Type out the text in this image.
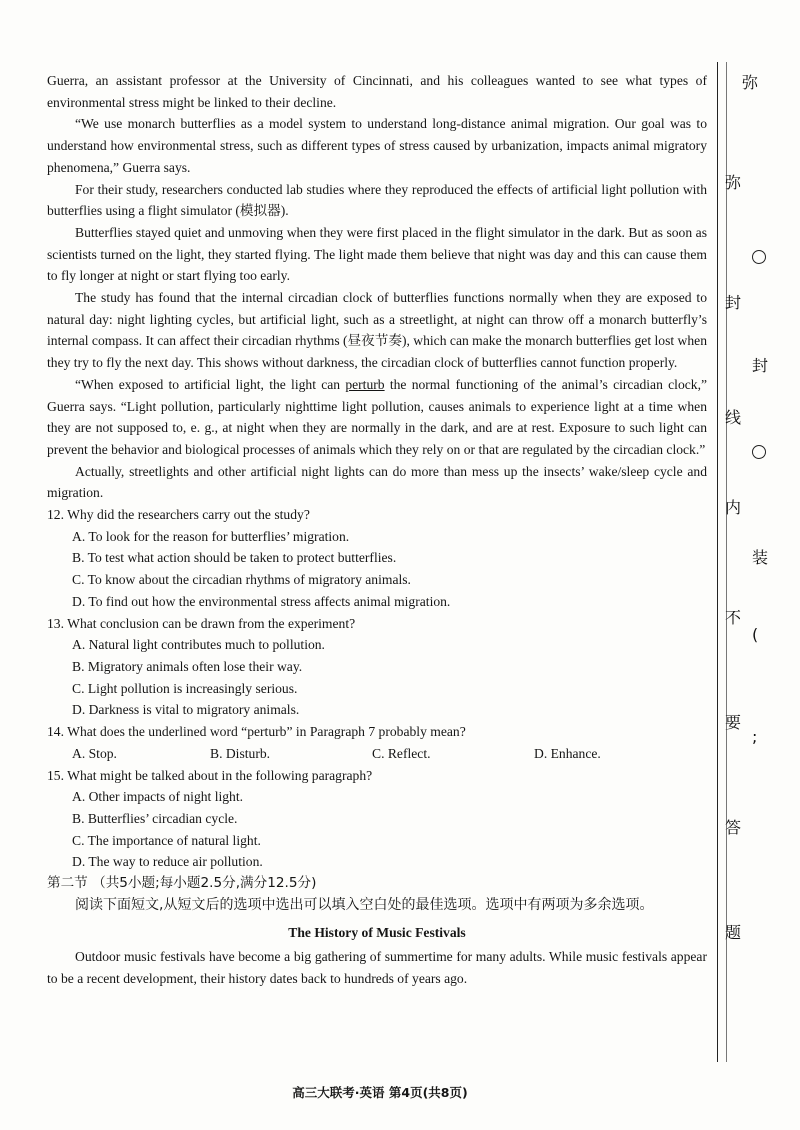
Guerra, an assistant professor at the University of Cincinnati, and his colleagues wanted to see what types of environmental stress might be linked to their decline.

“We use monarch butterflies as a model system to understand long-distance animal migration. Our goal was to understand how environmental stress, such as different types of stress caused by urbanization, impacts animal migratory phenomena,” Guerra says.

For their study, researchers conducted lab studies where they reproduced the effects of artificial light pollution with butterflies using a flight simulator (模拟器).

Butterflies stayed quiet and unmoving when they were first placed in the flight simulator in the dark. But as soon as scientists turned on the light, they started flying. The light made them believe that night was day and this can cause them to fly longer at night or start flying too early.

The study has found that the internal circadian clock of butterflies functions normally when they are exposed to natural day: night lighting cycles, but artificial light, such as a streetlight, at night can throw off a monarch butterfly’s internal compass. It can affect their circadian rhythms (昼夜节奏), which can make the monarch butterflies get lost when they try to fly the next day. This shows without darkness, the circadian clock of butterflies cannot function properly.

“When exposed to artificial light, the light can perturb the normal functioning of the animal’s circadian clock,” Guerra says. “Light pollution, particularly nighttime light pollution, causes animals to experience light at a time when they are not supposed to, e. g., at night when they are normally in the dark, and are at rest. Exposure to such light can prevent the behavior and biological processes of animals which they rely on or that are regulated by the circadian clock.”

Actually, streetlights and other artificial night lights can do more than mess up the insects’ wake/sleep cycle and migration.

12. Why did the researchers carry out the study?

A. To look for the reason for butterflies’ migration.

B. To test what action should be taken to protect butterflies.

C. To know about the circadian rhythms of migratory animals.

D. To find out how the environmental stress affects animal migration.

13. What conclusion can be drawn from the experiment?

A. Natural light contributes much to pollution.

B. Migratory animals often lose their way.

C. Light pollution is increasingly serious.

D. Darkness is vital to migratory animals.

14. What does the underlined word “perturb” in Paragraph 7 probably mean?

A. Stop.	B. Disturb.	C. Reflect.	D. Enhance.

15. What might be talked about in the following paragraph?

A. Other impacts of night light.

B. Butterflies’ circadian cycle.

C. The importance of natural light.

D. The way to reduce air pollution.

第二节 （共5小题;每小题2.5分,满分12.5分)

阅读下面短文,从短文后的选项中选出可以填入空白处的最佳选项。选项中有两项为多余选项。

The History of Music Festivals

Outdoor music festivals have become a big gathering of summertime for many adults. While music festivals appear to be a recent development, their history dates back to hundreds of years ago.

高三大联考·英语 第4页(共8页)
弥
弥
封
封
线
内
装
不
(
要
;
答
题
